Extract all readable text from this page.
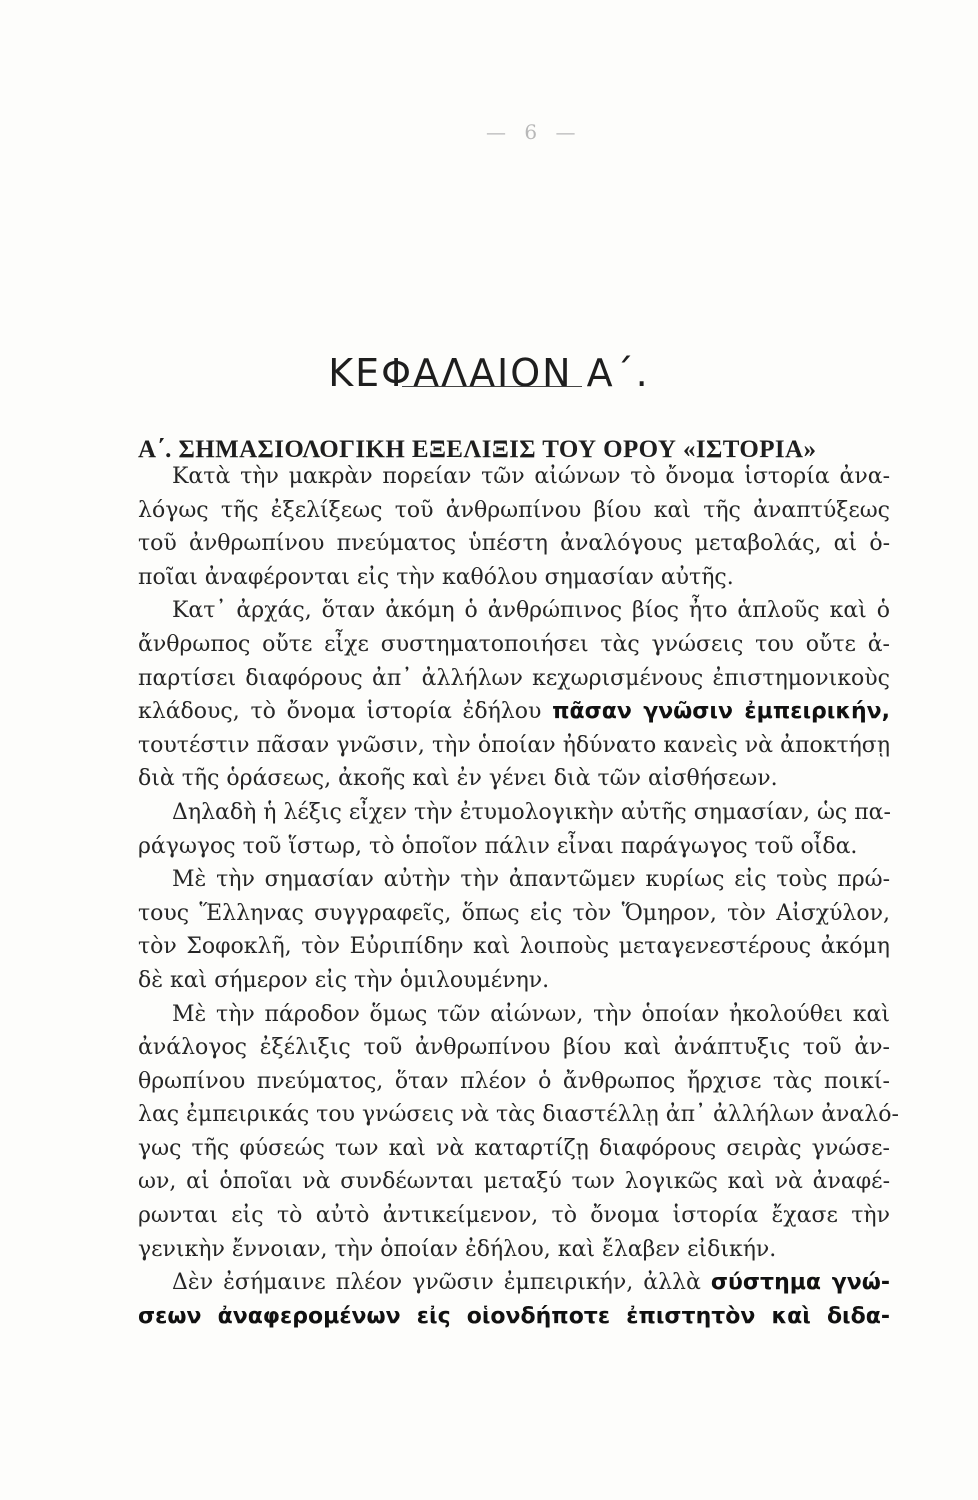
— 6 —
ΚΕΦΑΛΑΙΟΝ Α΄.
Α΄. ΣΗΜΑΣΙΟΛΟΓΙΚΗ ΕΞΕΛΙΞΙΣ ΤΟΥ ΟΡΟΥ «ΙΣΤΟΡΙΑ»
Κατὰ τὴν μακρὰν πορείαν τῶν αἰώνων τὸ ὄνομα ἱστορία ἀνα-
λόγως τῆς ἐξελίξεως τοῦ ἀνθρωπίνου βίου καὶ τῆς ἀναπτύξεως
τοῦ ἀνθρωπίνου πνεύματος ὑπέστη ἀναλόγους μεταβολάς, αἱ ὁ-
ποῖαι ἀναφέρονται εἰς τὴν καθόλου σημασίαν αὐτῆς.
Κατ᾿ ἀρχάς, ὅταν ἀκόμη ὁ ἀνθρώπινος βίος ἦτο ἁπλοῦς καὶ ὁ
ἄνθρωπος οὔτε εἶχε συστηματοποιήσει τὰς γνώσεις του οὔτε ἀ-
παρτίσει διαφόρους ἀπ᾿ ἀλλήλων κεχωρισμένους ἐπιστημονικοὺς
κλάδους, τὸ ὄνομα ἱστορία ἐδήλου πᾶσαν γνῶσιν ἐμπειρικήν,
τουτέστιν πᾶσαν γνῶσιν, τὴν ὁποίαν ἠδύνατο κανεὶς νὰ ἀποκτήσῃ
διὰ τῆς ὁράσεως, ἀκοῆς καὶ ἐν γένει διὰ τῶν αἰσθήσεων.
Δηλαδὴ ἡ λέξις εἶχεν τὴν ἐτυμολογικὴν αὐτῆς σημασίαν, ὡς πα-
ράγωγος τοῦ ἵστωρ, τὸ ὁποῖον πάλιν εἶναι παράγωγος τοῦ οἶδα.
Μὲ τὴν σημασίαν αὐτὴν τὴν ἀπαντῶμεν κυρίως εἰς τοὺς πρώ-
τους Ἕλληνας συγγραφεῖς, ὅπως εἰς τὸν Ὅμηρον, τὸν Αἰσχύλον,
τὸν Σοφοκλῆ, τὸν Εὐριπίδην καὶ λοιποὺς μεταγενεστέρους ἀκόμη
δὲ καὶ σήμερον εἰς τὴν ὁμιλουμένην.
Μὲ τὴν πάροδον ὅμως τῶν αἰώνων, τὴν ὁποίαν ἠκολούθει καὶ
ἀνάλογος ἐξέλιξις τοῦ ἀνθρωπίνου βίου καὶ ἀνάπτυξις τοῦ ἀν-
θρωπίνου πνεύματος, ὅταν πλέον ὁ ἄνθρωπος ἤρχισε τὰς ποικί-
λας ἐμπειρικάς του γνώσεις νὰ τὰς διαστέλλῃ ἀπ᾿ ἀλλήλων ἀναλό-
γως τῆς φύσεώς των καὶ νὰ καταρτίζῃ διαφόρους σειρὰς γνώσε-
ων, αἱ ὁποῖαι νὰ συνδέωνται μεταξύ των λογικῶς καὶ νὰ ἀναφέ-
ρωνται εἰς τὸ αὐτὸ ἀντικείμενον, τὸ ὄνομα ἱστορία ἔχασε τὴν
γενικὴν ἔννοιαν, τὴν ὁποίαν ἐδήλου, καὶ ἔλαβεν εἰδικήν.
Δὲν ἐσήμαινε πλέον γνῶσιν ἐμπειρικήν, ἀλλὰ σύστημα γνώ-
σεων ἀναφερομένων εἰς οἱονδήποτε ἐπιστητὸν καὶ διδα-
